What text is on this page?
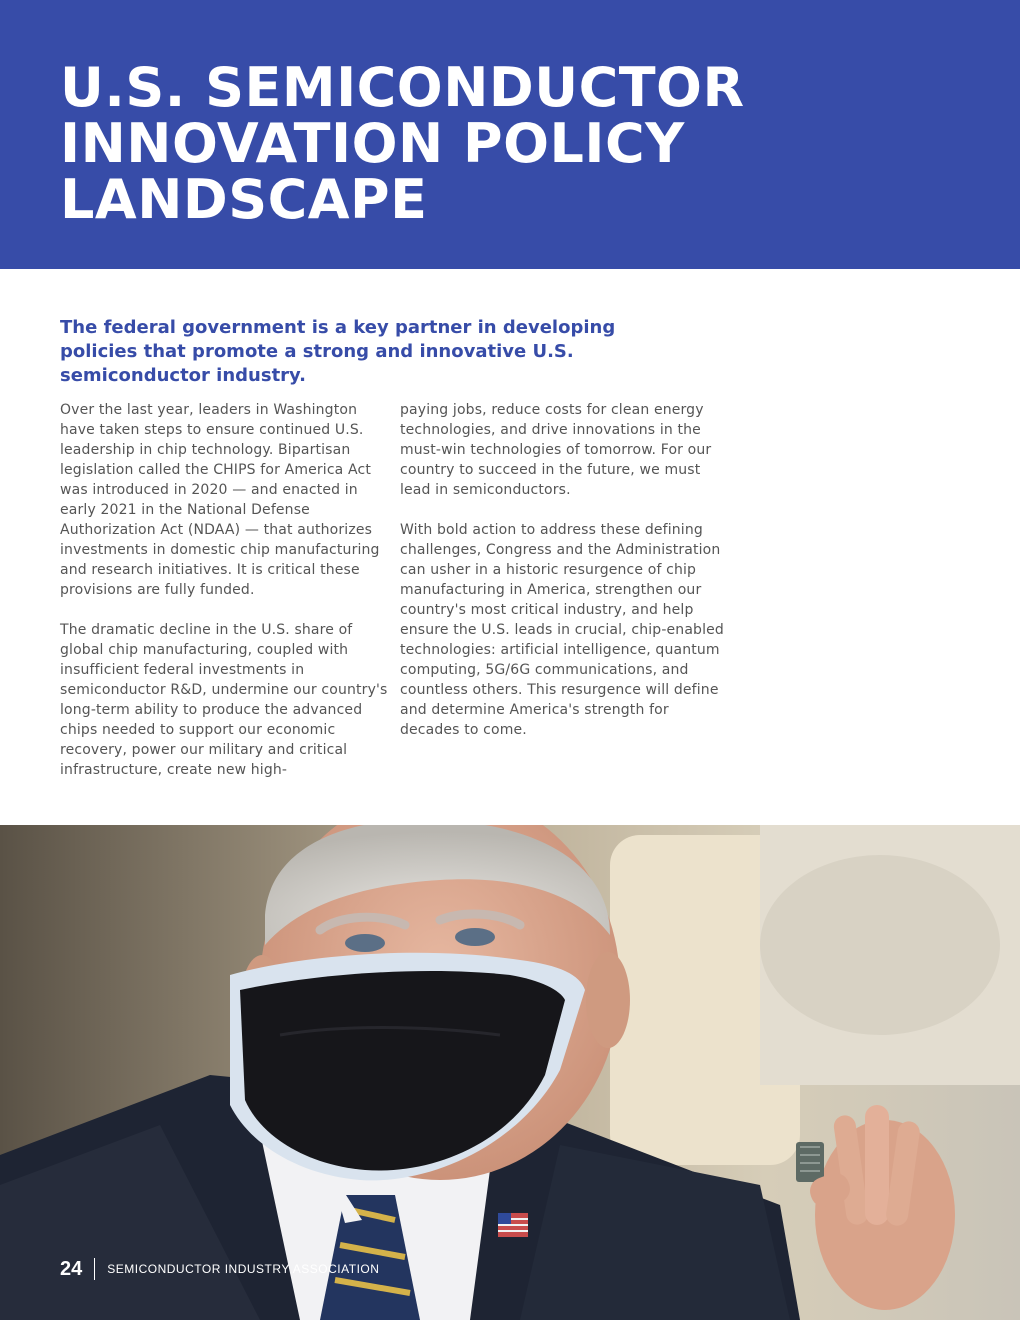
U.S. SEMICONDUCTOR
INNOVATION POLICY
LANDSCAPE

The federal government is a key partner in developing policies that promote a strong and innovative U.S. semiconductor industry.

Over the last year, leaders in Washington have taken steps to ensure continued U.S. leadership in chip technology. Bipartisan legislation called the CHIPS for America Act was introduced in 2020 — and enacted in early 2021 in the National Defense Authorization Act (NDAA) — that authorizes investments in domestic chip manufacturing and research initiatives. It is critical these provisions are fully funded.

The dramatic decline in the U.S. share of global chip manufacturing, coupled with insufficient federal investments in semiconductor R&D, undermine our country's long-term ability to produce the advanced chips needed to support our economic recovery, power our military and critical infrastructure, create new high-

paying jobs, reduce costs for clean energy technologies, and drive innovations in the must-win technologies of tomorrow. For our country to succeed in the future, we must lead in semiconductors.

With bold action to address these defining challenges, Congress and the Administration can usher in a historic resurgence of chip manufacturing in America, strengthen our country's most critical industry, and help ensure the U.S. leads in crucial, chip-enabled technologies: artificial intelligence, quantum computing, 5G/6G communications, and countless others. This resurgence will define and determine America's strength for decades to come.

24 SEMICONDUCTOR INDUSTRY ASSOCIATION
